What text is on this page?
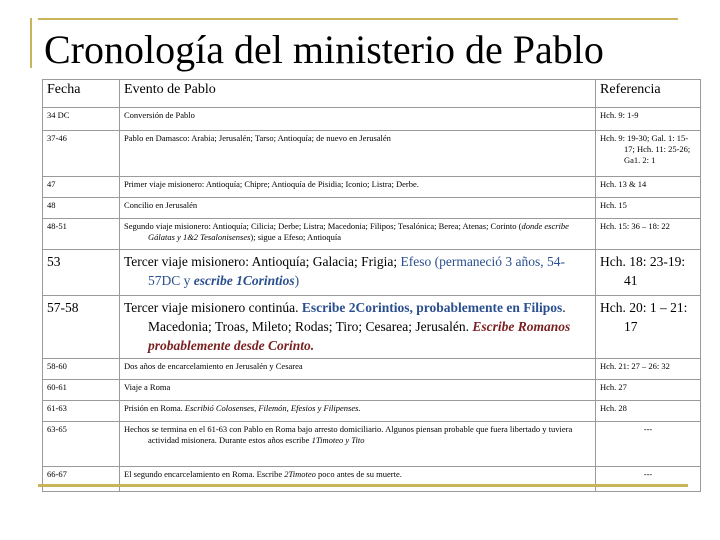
Cronología del ministerio de Pablo
Fecha	Evento de Pablo	Referencia
34 DC	Conversión de Pablo	Hch. 9: 1-9
37-46	Pablo en Damasco: Arabia; Jerusalén; Tarso; Antioquía; de nuevo en Jerusalén	Hch. 9: 19-30; Gal. 1: 15-17; Hch. 11: 25-26; Ga1. 2: 1
47	Primer viaje misionero: Antioquía; Chipre; Antioquía de Pisidia; Iconio; Listra; Derbe.	Hch. 13 & 14
48	Concilio en Jerusalén	Hch. 15
48-51	Segundo viaje misionero: Antioquía; Cilicia; Derbe; Listra; Macedonia; Filipos; Tesalónica; Berea; Atenas; Corinto (donde escribe Gálatas y 1&2 Tesalonisenses); sigue a Efeso; Antioquía	Hch. 15: 36 – 18: 22
53	Tercer viaje misionero: Antioquía; Galacia; Frigia; Efeso (permaneció 3 años, 54-57DC y escribe 1Corintios)	Hch. 18: 23-19: 41
57-58	Tercer viaje misionero continúa. Escribe 2Corintios, probablemente en Filipos. Macedonia; Troas, Mileto; Rodas; Tiro; Cesarea; Jerusalén. Escribe Romanos probablemente desde Corinto.	Hch. 20: 1 – 21: 17
58-60	Dos años de encarcelamiento en Jerusalén y Cesarea	Hch. 21: 27 – 26: 32
60-61	Viaje a Roma	Hch. 27
61-63	Prisión en Roma. Escribió Colosenses, Filemón, Efesios y Filipenses.	Hch. 28
63-65	Hechos se termina en el 61-63 con Pablo en Roma bajo arresto domiciliario. Algunos piensan probable que fuera libertado y tuviera actividad misionera. Durante estos años escribe 1Timoteo y Tito	---
66-67	El segundo encarcelamiento en Roma. Escribe 2Timoteo poco antes de su muerte.	---
